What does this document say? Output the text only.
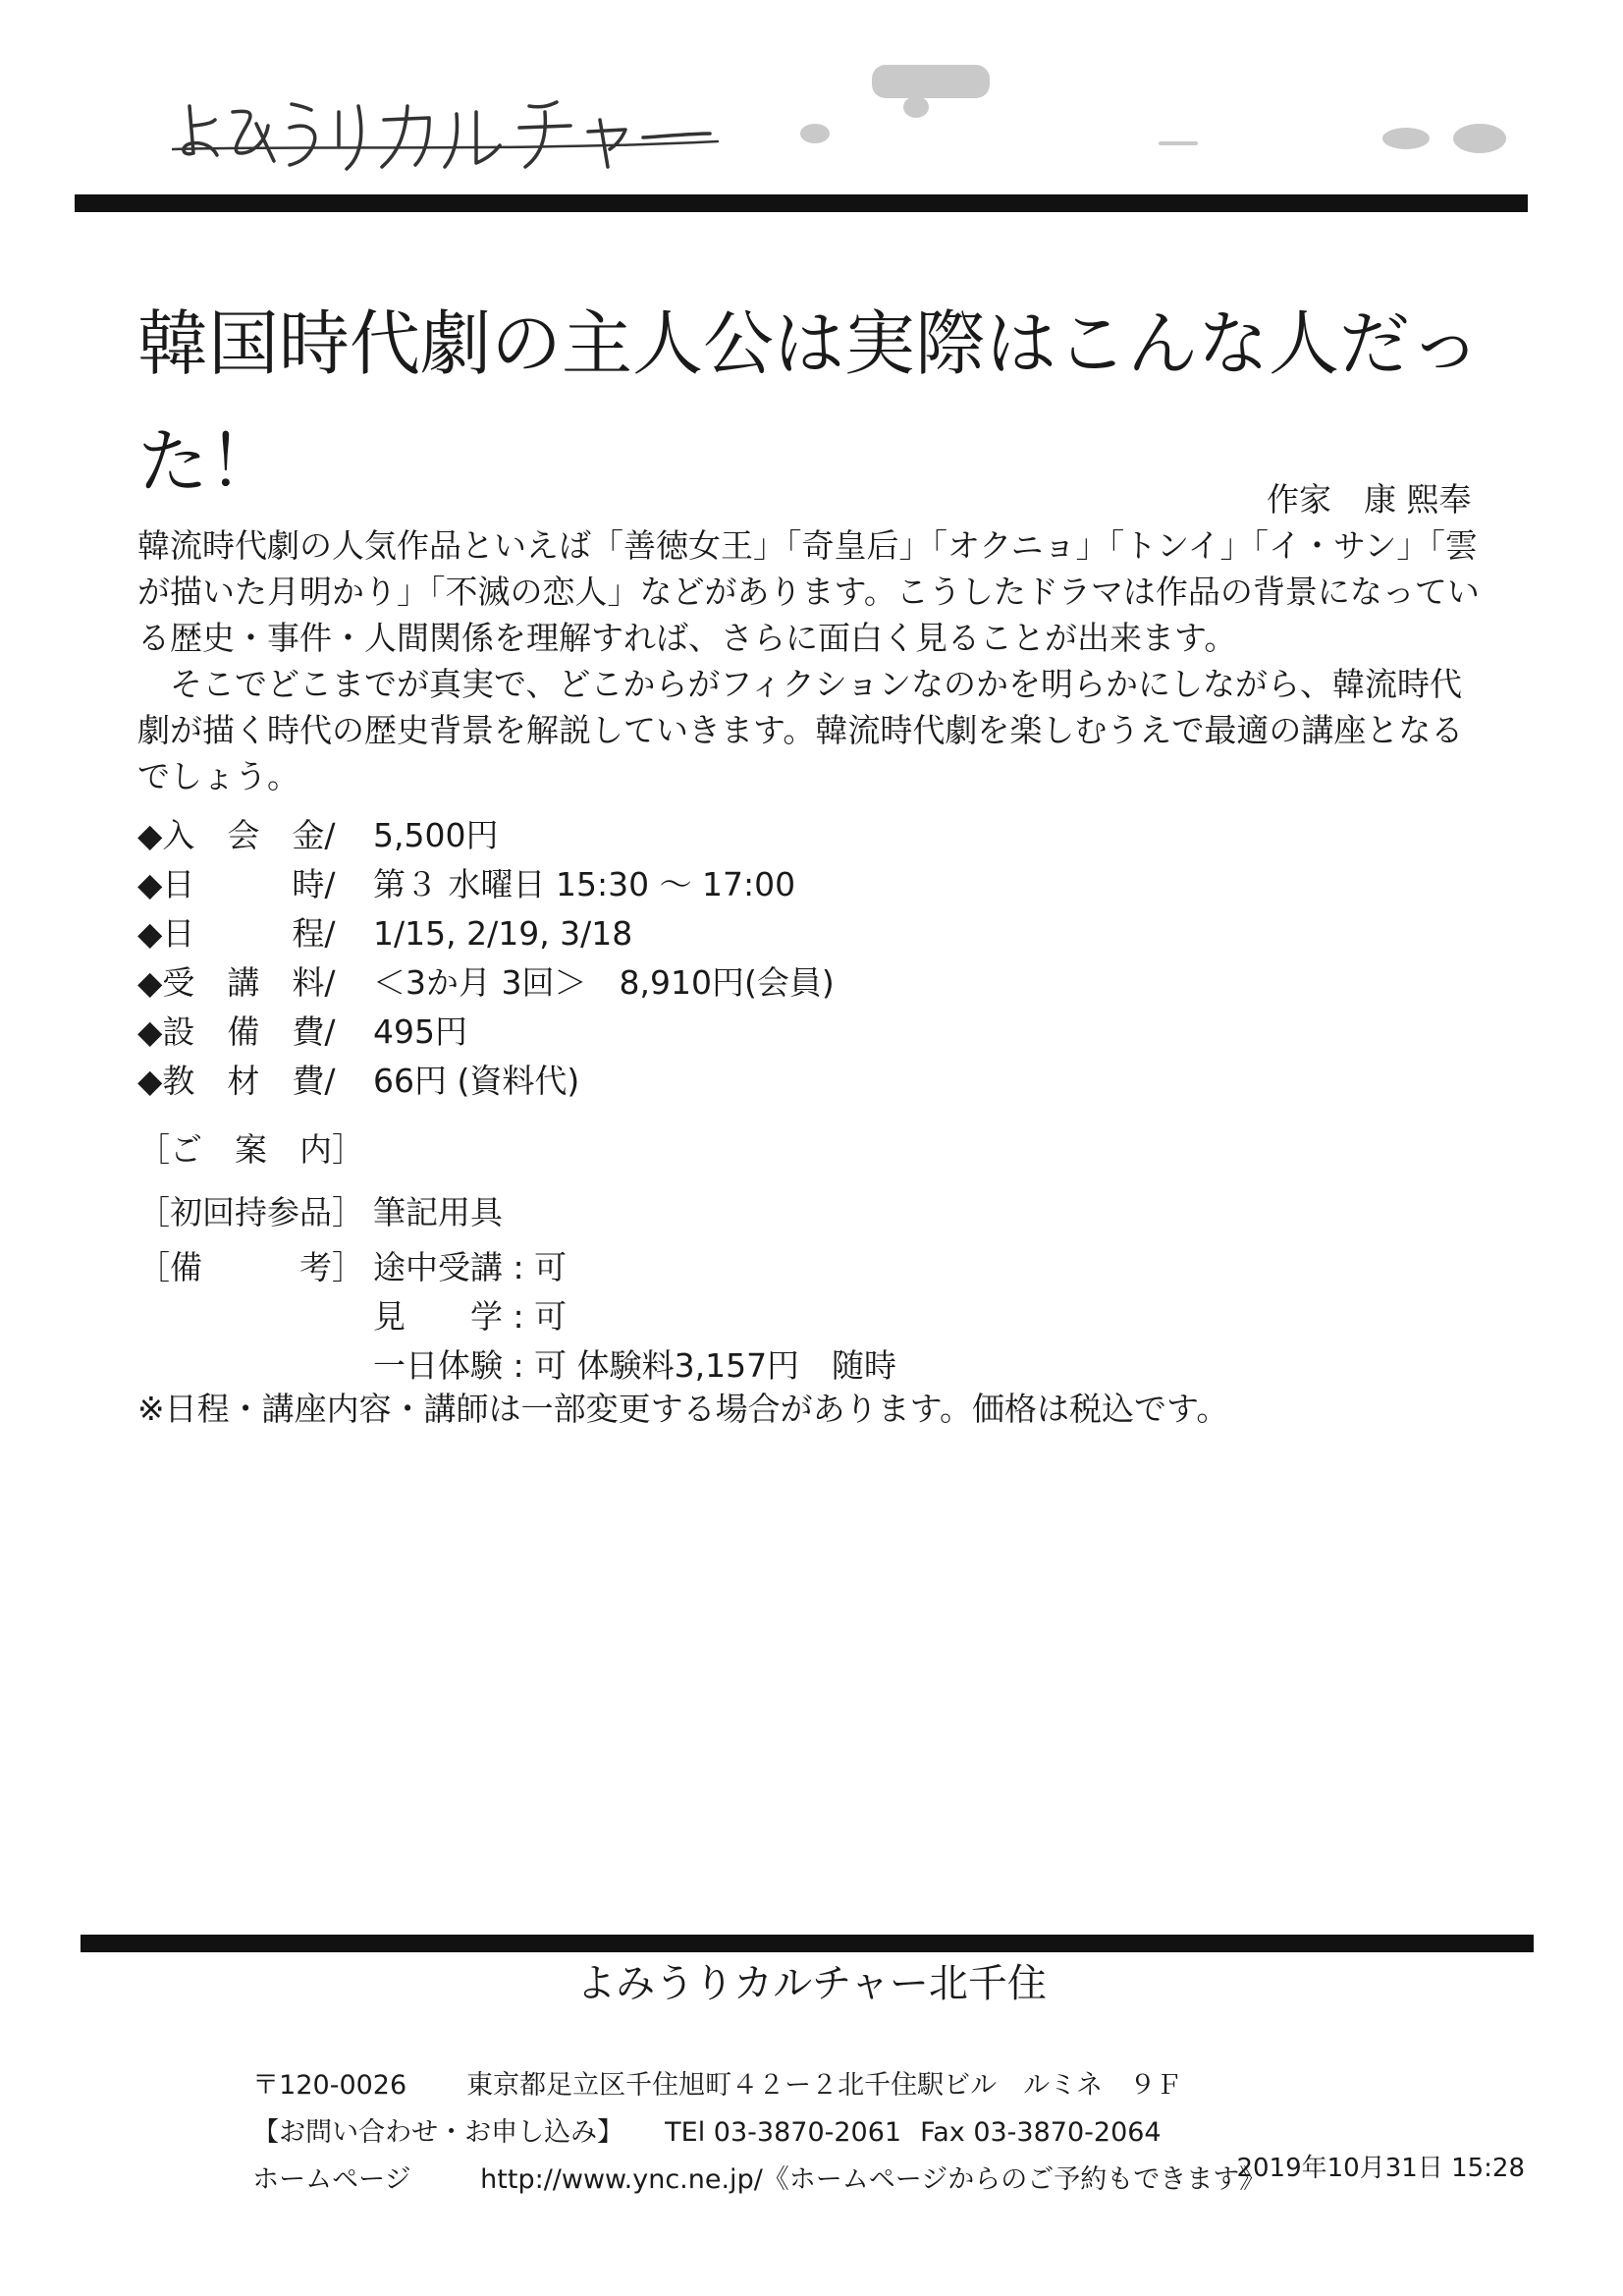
韓国時代劇の主人公は実際はこんな人だった！	作家　康 熙奉

韓流時代劇の人気作品といえば「善徳女王」「奇皇后」「オクニョ」「トンイ」「イ・サン」「雲が描いた月明かり」「不滅の恋人」などがあります。こうしたドラマは作品の背景になっている歴史・事件・人間関係を理解すれば、さらに面白く見ることが出来ます。

そこでどこまでが真実で、どこからがフィクションなのかを明らかにしながら、韓流時代劇が描く時代の歴史背景を解説していきます。韓流時代劇を楽しむうえで最適の講座となるでしょう。

◆入　会　金/ 5,500円
◆日　　　時/ 第３ 水曜日 15:30 〜 17:00
◆日　　　程/ 1/15, 2/19, 3/18
◆受　講　料/ ＜3か月 3回＞　8,910円(会員)
◆設　備　費/ 495円
◆教　材　費/ 66円 (資料代)
［ご　案　内］
［初回持参品］ 筆記用具
［備　　　考］ 途中受講 : 可
見　　学 : 可
一日体験 : 可 体験料3,157円　随時
※日程・講座内容・講師は一部変更する場合があります。価格は税込です。
よみうりカルチャー北千住

〒120-0026 東京都足立区千住旭町４２ー２北千住駅ビル　ルミネ　９Ｆ

【お問い合わせ・お申し込み】 TEl 03-3870-2061 Fax 03-3870-2064

ホームページ	http://www.ync.ne.jp/《ホームページからのご予約もできます》

2019年10月31日 15:28
